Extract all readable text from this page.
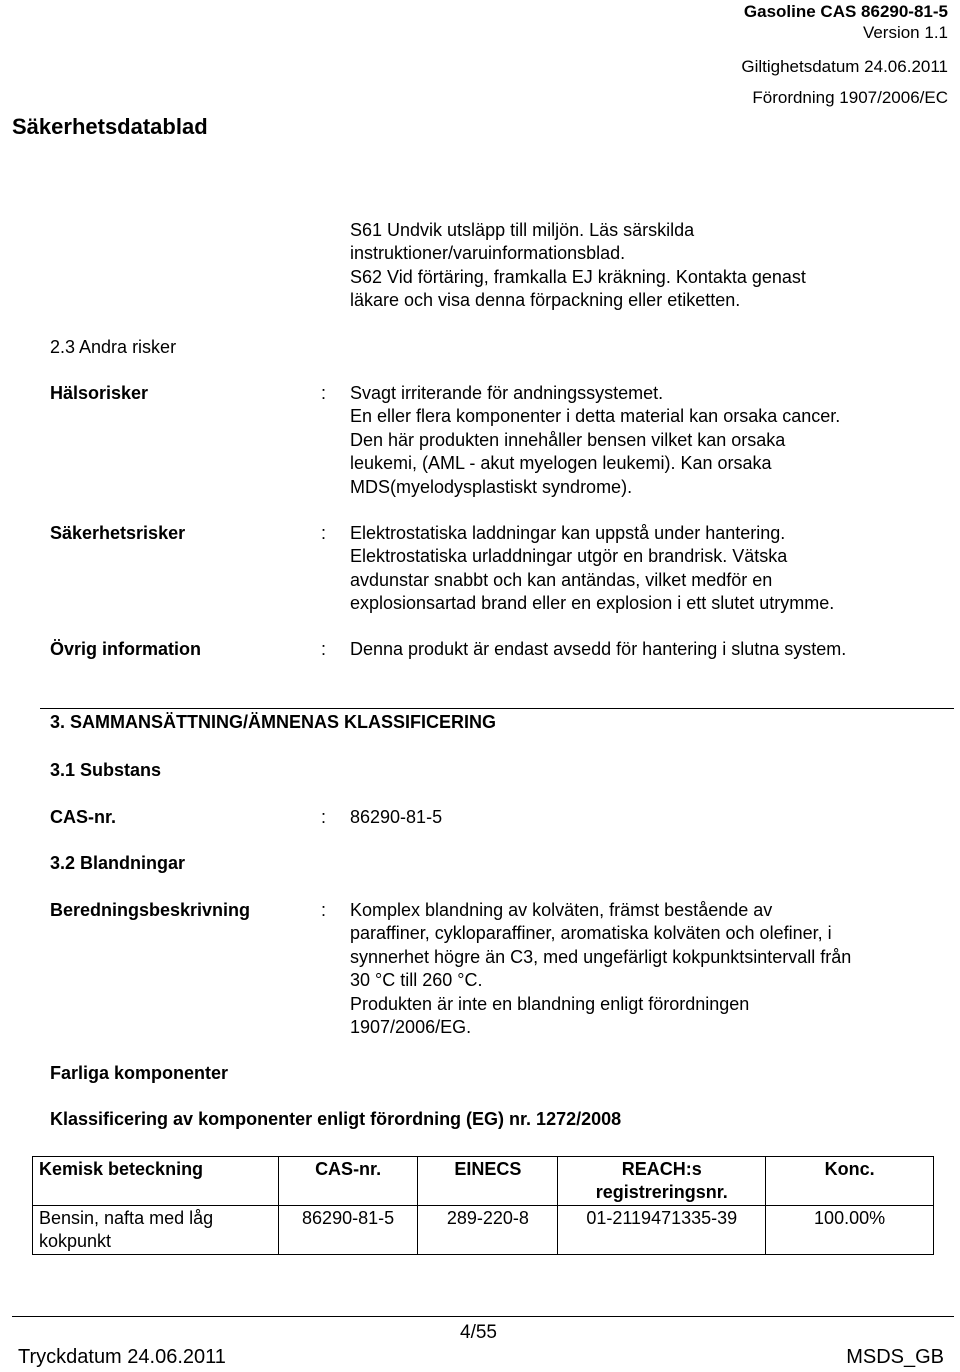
Gasoline CAS 86290-81-5
Version 1.1
Giltighetsdatum 24.06.2011
Förordning 1907/2006/EC
Säkerhetsdatablad
S61 Undvik utsläpp till miljön. Läs särskilda
instruktioner/varuinformationsblad.
S62 Vid förtäring, framkalla EJ kräkning. Kontakta genast
läkare och visa denna förpackning eller etiketten.
2.3 Andra risker
Hälsorisker	: Svagt irriterande för andningssystemet.
En eller flera komponenter i detta material kan orsaka cancer.
Den här produkten innehåller bensen vilket kan orsaka
leukemi, (AML - akut myelogen leukemi). Kan orsaka
MDS(myelodysplastiskt syndrome).
Säkerhetsrisker	: Elektrostatiska laddningar kan uppstå under hantering.
Elektrostatiska urladdningar utgör en brandrisk. Vätska
avdunstar snabbt och kan antändas, vilket medför en
explosionsartad brand eller en explosion i ett slutet utrymme.
Övrig information	: Denna produkt är endast avsedd för hantering i slutna system.
3. SAMMANSÄTTNING/ÄMNENAS KLASSIFICERING
3.1 Substans
CAS-nr.	: 86290-81-5
3.2 Blandningar
Beredningsbeskrivning	: Komplex blandning av kolväten, främst bestående av
paraffiner, cykloparaffiner, aromatiska kolväten och olefiner, i
synnerhet högre än C3, med ungefärligt kokpunktsintervall från
30 °C till 260 °C.
Produkten är inte en blandning enligt förordningen
1907/2006/EG.
Farliga komponenter
Klassificering av komponenter enligt förordning (EG) nr. 1272/2008
Kemisk beteckning	CAS-nr.	EINECS	REACH:s registreringsnr.	Konc.
Bensin, nafta med låg kokpunkt	86290-81-5	289-220-8	01-2119471335-39	100.00%
4/55
Tryckdatum 24.06.2011	MSDS_GB
